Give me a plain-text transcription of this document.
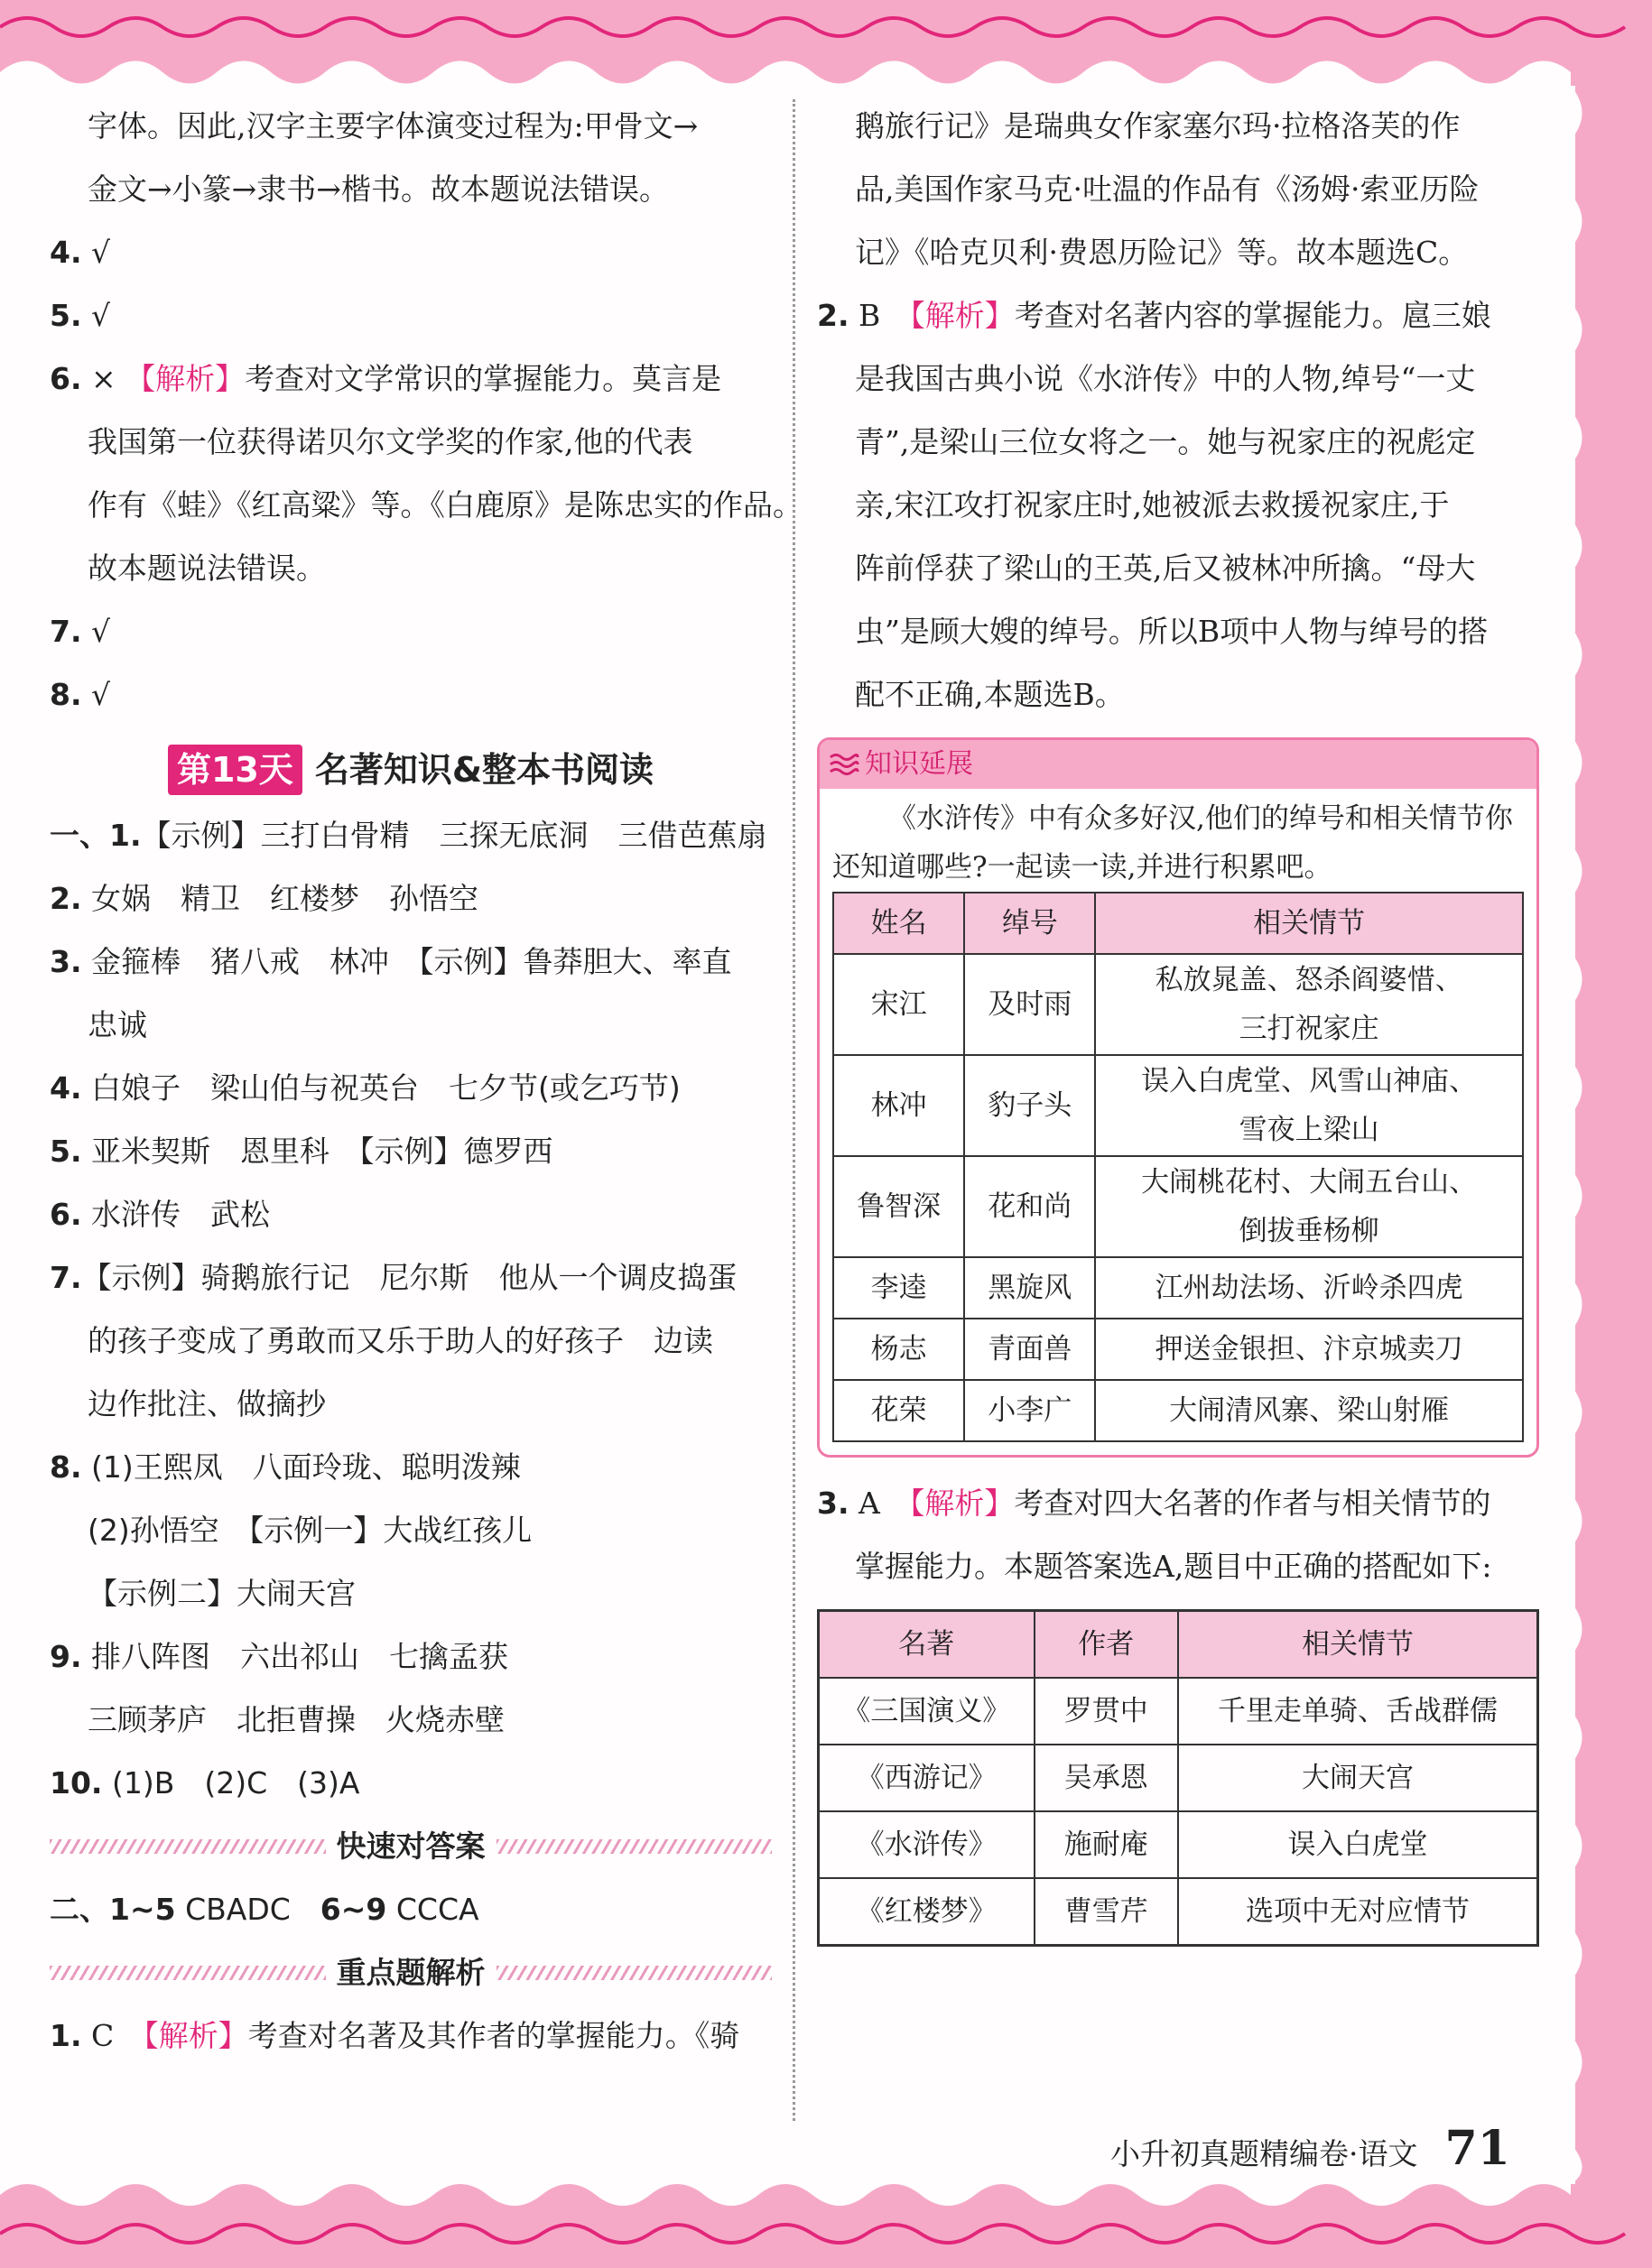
字体。因此,汉字主要字体演变过程为:甲骨文→
金文→小篆→隶书→楷书。故本题说法错误。
4. √
5. √
6. × 【解析】考查对文学常识的掌握能力。莫言是
我国第一位获得诺贝尔文学奖的作家,他的代表
作有《蛙》《红高粱》等。《白鹿原》是陈忠实的作品。
故本题说法错误。
7. √
8. √
第13天 名著知识&整本书阅读
一、1.【示例】三打白骨精　三探无底洞　三借芭蕉扇
2. 女娲　精卫　红楼梦　孙悟空
3. 金箍棒　猪八戒　林冲　【示例】鲁莽胆大、率直
忠诚
4. 白娘子　梁山伯与祝英台　七夕节(或乞巧节)
5. 亚米契斯　恩里科　【示例】德罗西
6. 水浒传　武松
7.【示例】骑鹅旅行记　尼尔斯　他从一个调皮捣蛋
的孩子变成了勇敢而又乐于助人的好孩子　边读
边作批注、做摘抄
8. (1)王熙凤　八面玲珑、聪明泼辣
(2)孙悟空　【示例一】大战红孩儿
【示例二】大闹天宫
9. 排八阵图　六出祁山　七擒孟获
三顾茅庐　北拒曹操　火烧赤壁
10. (1)B　(2)C　(3)A
快速对答案
二、1~5 CBADC　 6~9 CCCA
重点题解析
1. C　 【解析】考查对名著及其作者的掌握能力。《骑
鹅旅行记》是瑞典女作家塞尔玛·拉格洛芙的作
品,美国作家马克·吐温的作品有《汤姆·索亚历险
记》《哈克贝利·费恩历险记》等。故本题选C。
2. B　 【解析】考查对名著内容的掌握能力。扈三娘
是我国古典小说《水浒传》中的人物,绰号“一丈
青”,是梁山三位女将之一。她与祝家庄的祝彪定
亲,宋江攻打祝家庄时,她被派去救援祝家庄,于
阵前俘获了梁山的王英,后又被林冲所擒。“母大
虫”是顾大嫂的绰号。所以B项中人物与绰号的搭
配不正确,本题选B。
知识延展
《水浒传》中有众多好汉,他们的绰号和相关情节你还知道哪些?一起读一读,并进行积累吧。
姓名	绰号	相关情节
宋江	及时雨	私放晁盖、怒杀阎婆惜、
三打祝家庄

林冲	豹子头	误入白虎堂、风雪山神庙、
雪夜上梁山

鲁智深	花和尚	大闹桃花村、大闹五台山、
倒拔垂杨柳

李逵	黑旋风	江州劫法场、沂岭杀四虎
杨志	青面兽	押送金银担、汴京城卖刀
花荣	小李广	大闹清风寨、梁山射雁
3. A　 【解析】考查对四大名著的作者与相关情节的
掌握能力。本题答案选A,题目中正确的搭配如下:
名著	作者	相关情节
《三国演义》	罗贯中	千里走单骑、舌战群儒
《西游记》	吴承恩	大闹天宫
《水浒传》	施耐庵	误入白虎堂
《红楼梦》	曹雪芹	选项中无对应情节
小升初真题精编卷·语文 71
